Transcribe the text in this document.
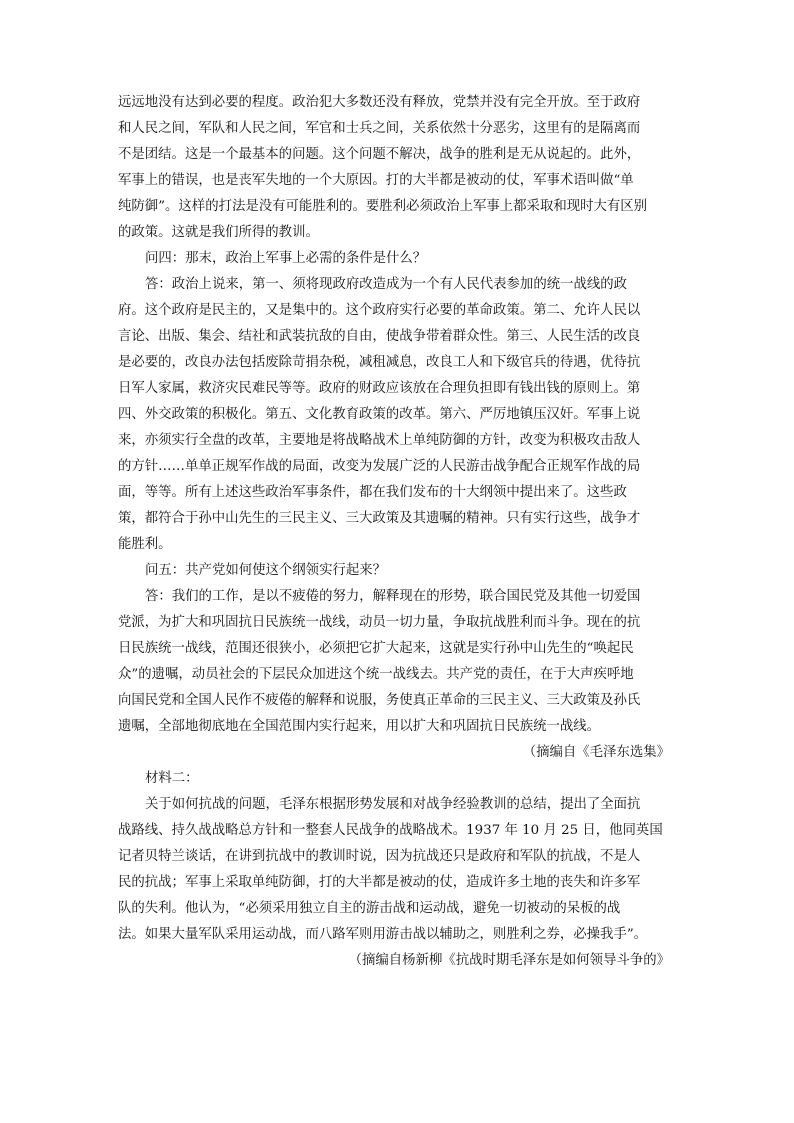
远远地没有达到必要的程度。政治犯大多数还没有释放，党禁并没有完全开放。至于政府
和人民之间，军队和人民之间，军官和士兵之间，关系依然十分恶劣，这里有的是隔离而
不是团结。这是一个最基本的问题。这个问题不解决，战争的胜利是无从说起的。此外，
军事上的错误，也是丧军失地的一个大原因。打的大半都是被动的仗，军事术语叫做“单
纯防御”。这样的打法是没有可能胜利的。要胜利必须政治上军事上都采取和现时大有区别
的政策。这就是我们所得的教训。
问四：那末，政治上军事上必需的条件是什么？
答：政治上说来，第一、须将现政府改造成为一个有人民代表参加的统一战线的政
府。这个政府是民主的，又是集中的。这个政府实行必要的革命政策。第二、允许人民以
言论、出版、集会、结社和武装抗敌的自由，使战争带着群众性。第三、人民生活的改良
是必要的，改良办法包括废除苛捐杂税，减租减息，改良工人和下级官兵的待遇，优待抗
日军人家属，救济灾民难民等等。政府的财政应该放在合理负担即有钱出钱的原则上。第
四、外交政策的积极化。第五、文化教育政策的改革。第六、严厉地镇压汉奸。军事上说
来，亦须实行全盘的改革，主要地是将战略战术上单纯防御的方针，改变为积极攻击敌人
的方针……单单正规军作战的局面，改变为发展广泛的人民游击战争配合正规军作战的局
面，等等。所有上述这些政治军事条件，都在我们发布的十大纲领中提出来了。这些政
策，都符合于孙中山先生的三民主义、三大政策及其遗嘱的精神。只有实行这些，战争才
能胜利。
问五：共产党如何使这个纲领实行起来？
答：我们的工作，是以不疲倦的努力，解释现在的形势，联合国民党及其他一切爱国
党派，为扩大和巩固抗日民族统一战线，动员一切力量，争取抗战胜利而斗争。现在的抗
日民族统一战线，范围还很狭小，必须把它扩大起来，这就是实行孙中山先生的“唤起民
众”的遗嘱，动员社会的下层民众加进这个统一战线去。共产党的责任，在于大声疾呼地
向国民党和全国人民作不疲倦的解释和说服，务使真正革命的三民主义、三大政策及孙氏
遗嘱，全部地彻底地在全国范围内实行起来，用以扩大和巩固抗日民族统一战线。
（摘编自《毛泽东选集》
材料二：
关于如何抗战的问题，毛泽东根据形势发展和对战争经验教训的总结，提出了全面抗
战路线、持久战战略总方针和一整套人民战争的战略战术。1937 年 10 月 25 日，他同英国
记者贝特兰谈话，在讲到抗战中的教训时说，因为抗战还只是政府和军队的抗战，不是人
民的抗战；军事上采取单纯防御，打的大半都是被动的仗，造成许多土地的丧失和许多军
队的失利。他认为，“必须采用独立自主的游击战和运动战，避免一切被动的呆板的战
法。如果大量军队采用运动战，而八路军则用游击战以辅助之，则胜利之券，必操我手”。
（摘编自杨新柳《抗战时期毛泽东是如何领导斗争的》
